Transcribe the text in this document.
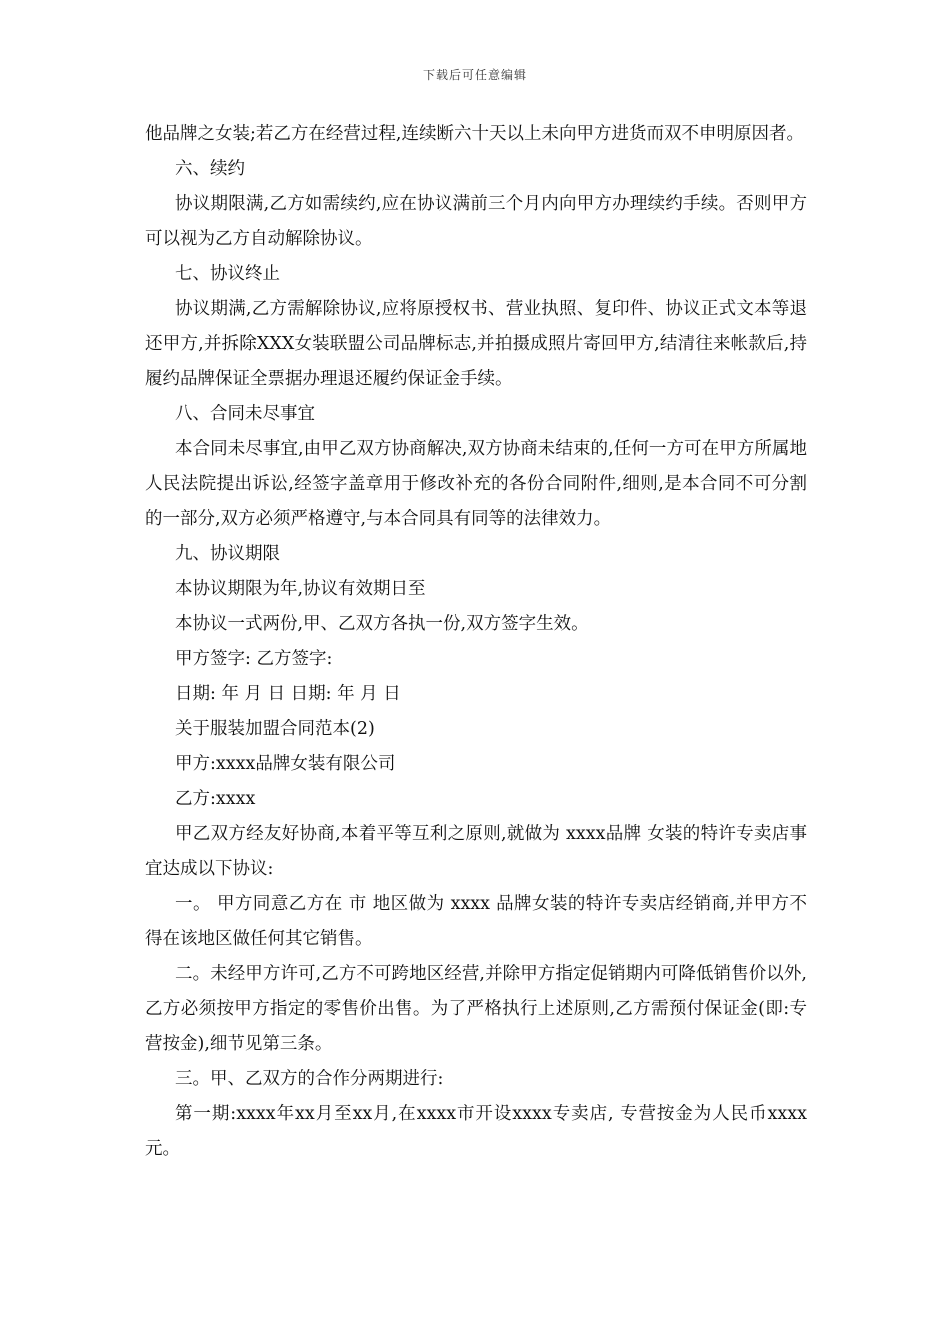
下载后可任意编辑

他品牌之女装;若乙方在经营过程,连续断六十天以上未向甲方进货而双不申明原因者。

六、续约

协议期限满,乙方如需续约,应在协议满前三个月内向甲方办理续约手续。否则甲方可以视为乙方自动解除协议。

七、协议终止

协议期满,乙方需解除协议,应将原授权书、营业执照、复印件、协议正式文本等退还甲方,并拆除XXX女装联盟公司品牌标志,并拍摄成照片寄回甲方,结清往来帐款后,持履约品牌保证全票据办理退还履约保证金手续。

八、合同未尽事宜

本合同未尽事宜,由甲乙双方协商解决,双方协商未结束的,任何一方可在甲方所属地人民法院提出诉讼,经签字盖章用于修改补充的各份合同附件,细则,是本合同不可分割的一部分,双方必须严格遵守,与本合同具有同等的法律效力。

九、协议期限

本协议期限为年,协议有效期日至

本协议一式两份,甲、乙双方各执一份,双方签字生效。

甲方签字: 乙方签字:

日期: 年 月 日 日期: 年 月 日

关于服装加盟合同范本(2)

甲方:xxxx品牌女装有限公司

乙方:xxxx

甲乙双方经友好协商,本着平等互利之原则,就做为 xxxx品牌 女装的特许专卖店事宜达成以下协议:

一。 甲方同意乙方在 市 地区做为 xxxx 品牌女装的特许专卖店经销商,并甲方不得在该地区做任何其它销售。

二。未经甲方许可,乙方不可跨地区经营,并除甲方指定促销期内可降低销售价以外,乙方必须按甲方指定的零售价出售。为了严格执行上述原则,乙方需预付保证金(即:专营按金),细节见第三条。

三。甲、乙双方的合作分两期进行:

第一期:xxxx年xx月至xx月,在xxxx市开设xxxx专卖店, 专营按金为人民币xxxx元。
